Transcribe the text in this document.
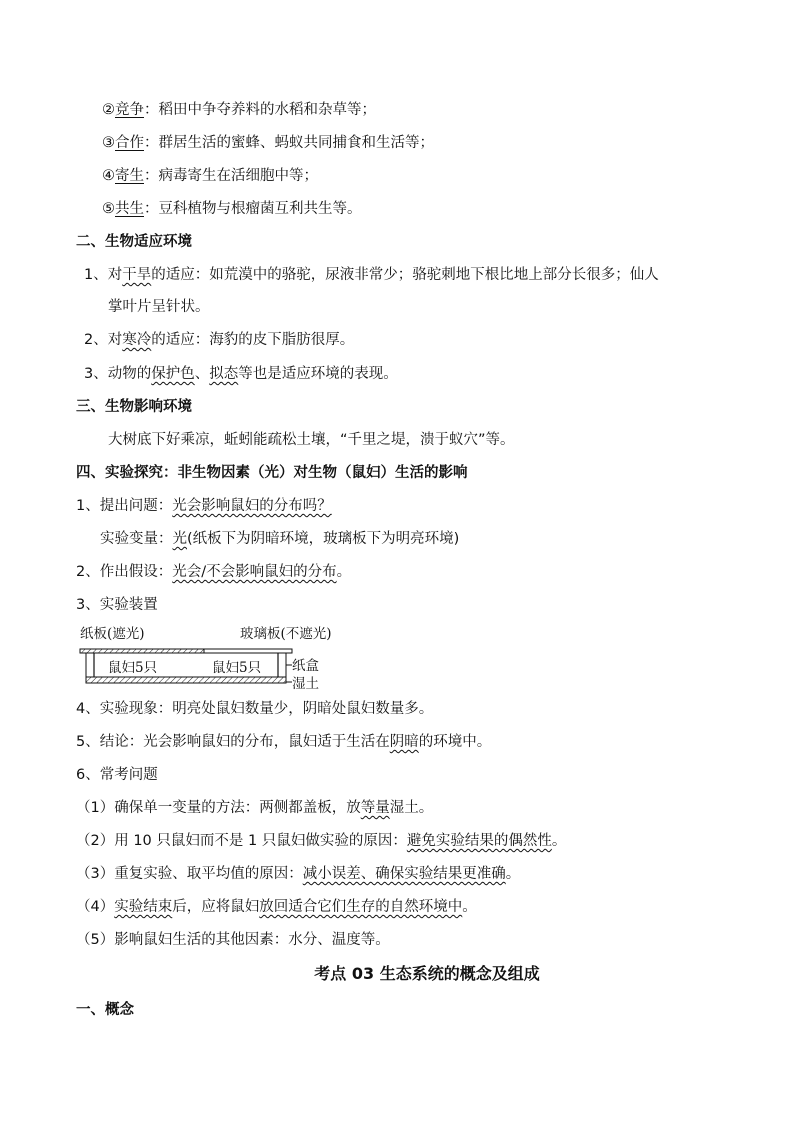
②竞争：稻田中争夺养料的水稻和杂草等；
③合作：群居生活的蜜蜂、蚂蚁共同捕食和生活等；
④寄生：病毒寄生在活细胞中等；
⑤共生：豆科植物与根瘤菌互利共生等。
二、生物适应环境
1、对干旱的适应：如荒漠中的骆驼，尿液非常少；骆驼刺地下根比地上部分长很多；仙人
掌叶片呈针状。
2、对寒冷的适应：海豹的皮下脂肪很厚。
3、动物的保护色、拟态等也是适应环境的表现。
三、生物影响环境
大树底下好乘凉，蚯蚓能疏松土壤，“千里之堤，溃于蚁穴”等。
四、实验探究：非生物因素（光）对生物（鼠妇）生活的影响
1、提出问题：光会影响鼠妇的分布吗？
实验变量：光(纸板下为阴暗环境，玻璃板下为明亮环境)
2、作出假设：光会/不会影响鼠妇的分布。
3、实验装置
纸板(遮光)	玻璃板(不遮光)
鼠妇5只	鼠妇5只 纸盒
湿土
4、实验现象：明亮处鼠妇数量少，阴暗处鼠妇数量多。
5、结论：光会影响鼠妇的分布，鼠妇适于生活在阴暗的环境中。
6、常考问题
（1）确保单一变量的方法：两侧都盖板，放等量湿土。
（2）用 10 只鼠妇而不是 1 只鼠妇做实验的原因：避免实验结果的偶然性。
（3）重复实验、取平均值的原因：减小误差、确保实验结果更准确。
（4）实验结束后，应将鼠妇放回适合它们生存的自然环境中。
（5）影响鼠妇生活的其他因素：水分、温度等。
考点 03 生态系统的概念及组成
一、概念
